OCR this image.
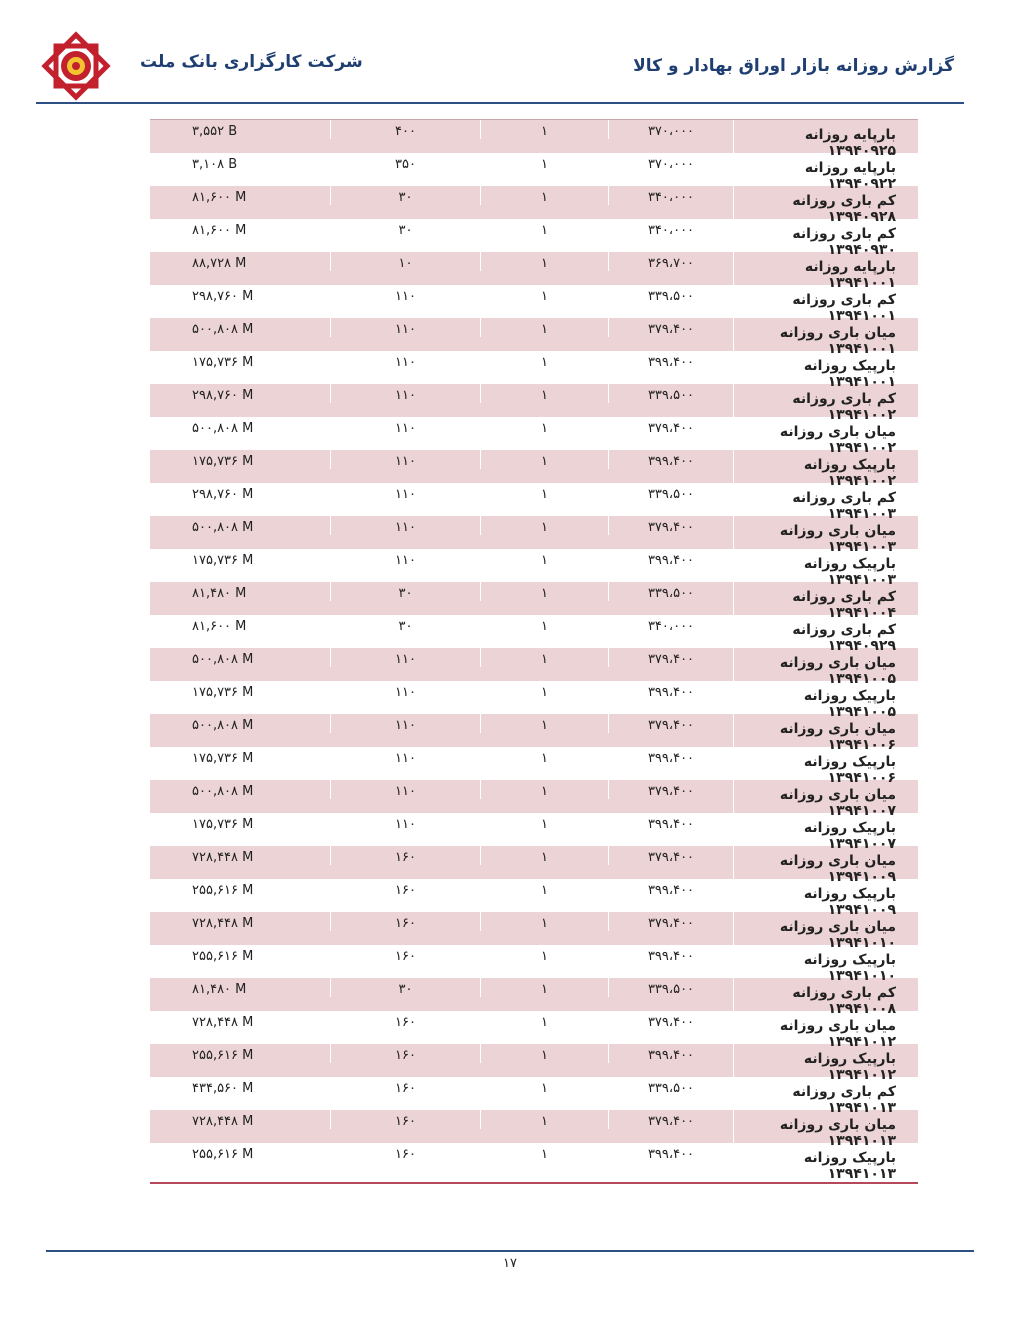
شرکت کارگزاری بانک ملت	گزارش روزانه بازار اوراق بهادار و کالا
۳,۵۵۲ B	۴۰۰	۱	۳۷۰،۰۰۰	بارپایه روزانه ۱۳۹۴۰۹۲۵
۳,۱۰۸ B	۳۵۰	۱	۳۷۰،۰۰۰	بارپایه روزانه ۱۳۹۴۰۹۲۲
۸۱,۶۰۰ M	۳۰	۱	۳۴۰،۰۰۰	کم باری روزانه ۱۳۹۴۰۹۲۸
۸۱,۶۰۰ M	۳۰	۱	۳۴۰،۰۰۰	کم باری روزانه ۱۳۹۴۰۹۳۰
۸۸,۷۲۸ M	۱۰	۱	۳۶۹،۷۰۰	بارپایه روزانه ۱۳۹۴۱۰۰۱
۲۹۸,۷۶۰ M	۱۱۰	۱	۳۳۹،۵۰۰	کم باری روزانه ۱۳۹۴۱۰۰۱
۵۰۰,۸۰۸ M	۱۱۰	۱	۳۷۹،۴۰۰	میان باری روزانه ۱۳۹۴۱۰۰۱
۱۷۵,۷۳۶ M	۱۱۰	۱	۳۹۹،۴۰۰	بارپیک روزانه ۱۳۹۴۱۰۰۱
۲۹۸,۷۶۰ M	۱۱۰	۱	۳۳۹،۵۰۰	کم باری روزانه ۱۳۹۴۱۰۰۲
۵۰۰,۸۰۸ M	۱۱۰	۱	۳۷۹،۴۰۰	میان باری روزانه ۱۳۹۴۱۰۰۲
۱۷۵,۷۳۶ M	۱۱۰	۱	۳۹۹،۴۰۰	بارپیک روزانه ۱۳۹۴۱۰۰۲
۲۹۸,۷۶۰ M	۱۱۰	۱	۳۳۹،۵۰۰	کم باری روزانه ۱۳۹۴۱۰۰۳
۵۰۰,۸۰۸ M	۱۱۰	۱	۳۷۹،۴۰۰	میان باری روزانه ۱۳۹۴۱۰۰۳
۱۷۵,۷۳۶ M	۱۱۰	۱	۳۹۹،۴۰۰	بارپیک روزانه ۱۳۹۴۱۰۰۳
۸۱,۴۸۰ M	۳۰	۱	۳۳۹،۵۰۰	کم باری روزانه ۱۳۹۴۱۰۰۴
۸۱,۶۰۰ M	۳۰	۱	۳۴۰،۰۰۰	کم باری روزانه ۱۳۹۴۰۹۲۹
۵۰۰,۸۰۸ M	۱۱۰	۱	۳۷۹،۴۰۰	میان باری روزانه ۱۳۹۴۱۰۰۵
۱۷۵,۷۳۶ M	۱۱۰	۱	۳۹۹،۴۰۰	بارپیک روزانه ۱۳۹۴۱۰۰۵
۵۰۰,۸۰۸ M	۱۱۰	۱	۳۷۹،۴۰۰	میان باری روزانه ۱۳۹۴۱۰۰۶
۱۷۵,۷۳۶ M	۱۱۰	۱	۳۹۹،۴۰۰	بارپیک روزانه ۱۳۹۴۱۰۰۶
۵۰۰,۸۰۸ M	۱۱۰	۱	۳۷۹،۴۰۰	میان باری روزانه ۱۳۹۴۱۰۰۷
۱۷۵,۷۳۶ M	۱۱۰	۱	۳۹۹،۴۰۰	بارپیک روزانه ۱۳۹۴۱۰۰۷
۷۲۸,۴۴۸ M	۱۶۰	۱	۳۷۹،۴۰۰	میان باری روزانه ۱۳۹۴۱۰۰۹
۲۵۵,۶۱۶ M	۱۶۰	۱	۳۹۹،۴۰۰	بارپیک روزانه ۱۳۹۴۱۰۰۹
۷۲۸,۴۴۸ M	۱۶۰	۱	۳۷۹،۴۰۰	میان باری روزانه ۱۳۹۴۱۰۱۰
۲۵۵,۶۱۶ M	۱۶۰	۱	۳۹۹،۴۰۰	بارپیک روزانه ۱۳۹۴۱۰۱۰
۸۱,۴۸۰ M	۳۰	۱	۳۳۹،۵۰۰	کم باری روزانه ۱۳۹۴۱۰۰۸
۷۲۸,۴۴۸ M	۱۶۰	۱	۳۷۹،۴۰۰	میان باری روزانه ۱۳۹۴۱۰۱۲
۲۵۵,۶۱۶ M	۱۶۰	۱	۳۹۹،۴۰۰	بارپیک روزانه ۱۳۹۴۱۰۱۲
۴۳۴,۵۶۰ M	۱۶۰	۱	۳۳۹،۵۰۰	کم باری روزانه ۱۳۹۴۱۰۱۳
۷۲۸,۴۴۸ M	۱۶۰	۱	۳۷۹،۴۰۰	میان باری روزانه ۱۳۹۴۱۰۱۳
۲۵۵,۶۱۶ M	۱۶۰	۱	۳۹۹،۴۰۰	بارپیک روزانه ۱۳۹۴۱۰۱۳
۱۷
